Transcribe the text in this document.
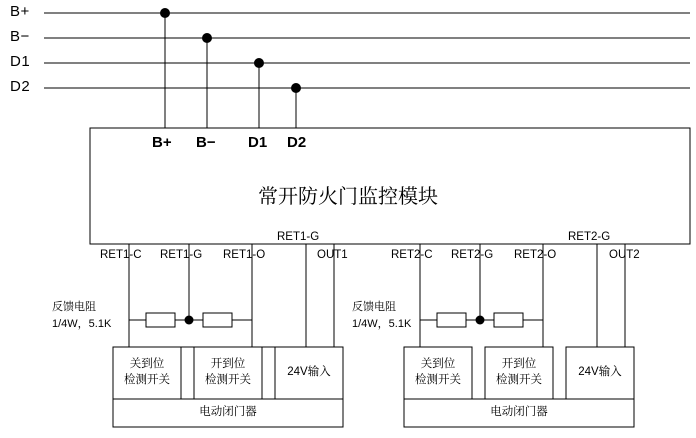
B+
B−
D1
D2
B+ B− D1 D2
常开防火门监控模块
RET1-C RET1-G RET1-O
RET1-G
OUT1	RET2-C RET2-G RET2-O
RET2-G
OUT2
反馈电阻
1/4W，5.1K
反馈电阻
1/4W，5.1K
关到位
检测开关
开到位
检测开关
24V输入
关到位
检测开关
开到位
检测开关
24V输入
电动闭门器	电动闭门器
